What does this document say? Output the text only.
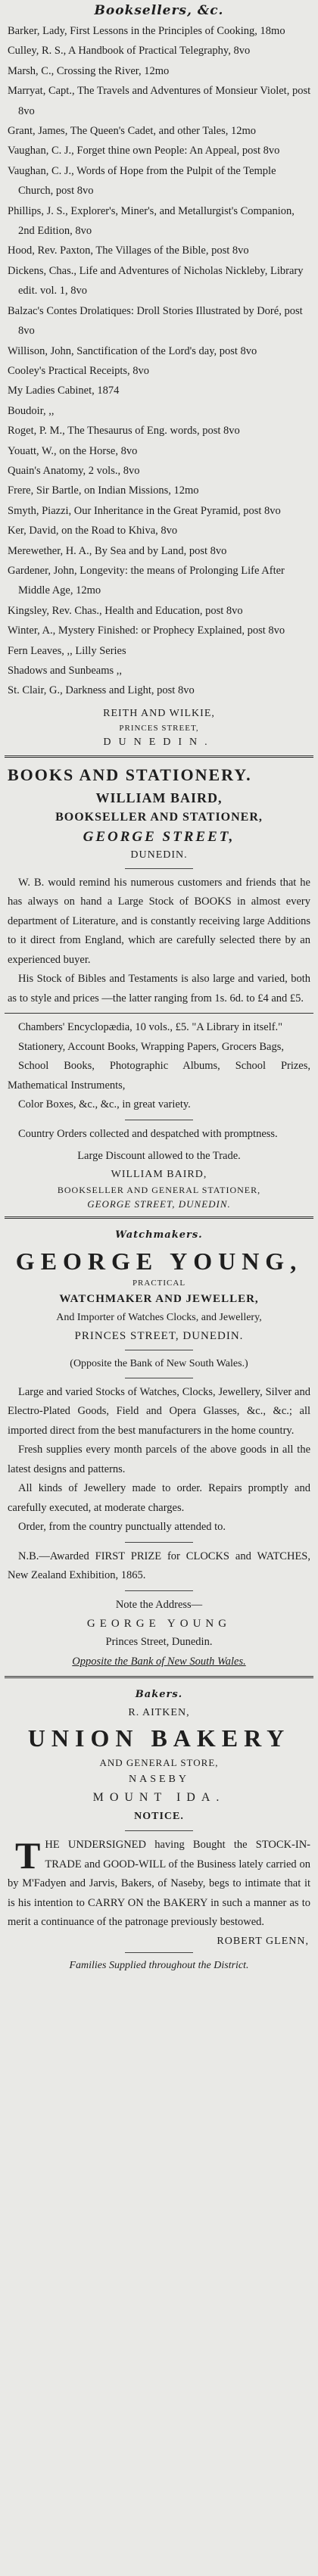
Booksellers, &c.
Barker, Lady, First Lessons in the Principles of Cooking, 18mo
Culley, R. S., A Handbook of Practical Telegraphy, 8vo
Marsh, C., Crossing the River, 12mo
Marryat, Capt., The Travels and Adventures of Monsieur Violet, post 8vo
Grant, James, The Queen's Cadet, and other Tales, 12mo
Vaughan, C. J., Forget thine own People: An Appeal, post 8vo
Vaughan, C. J., Words of Hope from the Pulpit of the Temple Church, post 8vo
Phillips, J. S., Explorer's, Miner's, and Metallurgist's Companion, 2nd Edition, 8vo
Hood, Rev. Paxton, The Villages of the Bible, post 8vo
Dickens, Chas., Life and Adventures of Nicholas Nickleby, Library edit. vol. 1, 8vo
Balzac's Contes Drolatiques: Droll Stories Illustrated by Doré, post 8vo
Willison, John, Sanctification of the Lord's day, post 8vo
Cooley's Practical Receipts, 8vo
My Ladies Cabinet, 1874
Boudoir, ,,
Roget, P. M., The Thesaurus of Eng. words, post 8vo
Youatt, W., on the Horse, 8vo
Quain's Anatomy, 2 vols., 8vo
Frere, Sir Bartle, on Indian Missions, 12mo
Smyth, Piazzi, Our Inheritance in the Great Pyramid, post 8vo
Ker, David, on the Road to Khiva, 8vo
Merewether, H. A., By Sea and by Land, post 8vo
Gardener, John, Longevity: the means of Prolonging Life After Middle Age, 12mo
Kingsley, Rev. Chas., Health and Education, post 8vo
Winter, A., Mystery Finished: or Prophecy Explained, post 8vo
Fern Leaves, ,, Lilly Series
Shadows and Sunbeams ,,
St. Clair, G., Darkness and Light, post 8vo
REITH AND WILKIE,
PRINCES STREET,
DUNEDIN.
BOOKS AND STATIONERY.
WILLIAM BAIRD,
BOOKSELLER AND STATIONER,
GEORGE STREET,
DUNEDIN.
W. B. would remind his numerous customers and friends that he has always on hand a Large Stock of BOOKS in almost every department of Literature, and is constantly receiving large Additions to it direct from England, which are carefully selected there by an experienced buyer.
His Stock of Bibles and Testaments is also large and varied, both as to style and prices —the latter ranging from 1s. 6d. to £4 and £5.
Chambers' Encyclopædia, 10 vols., £5. "A Library in itself."
Stationery, Account Books, Wrapping Papers, Grocers Bags,
School Books, Photographic Albums, School Prizes, Mathematical Instruments,
Color Boxes, &c., &c., in great variety.
Country Orders collected and despatched with promptness.
Large Discount allowed to the Trade.
WILLIAM BAIRD,
BOOKSELLER AND GENERAL STATIONER,
GEORGE STREET, DUNEDIN.
Watchmakers.
GEORGE YOUNG,
PRACTICAL
WATCHMAKER AND JEWELLER,
And Importer of Watches Clocks, and Jewellery,
PRINCES STREET, DUNEDIN.
(Opposite the Bank of New South Wales.)
Large and varied Stocks of Watches, Clocks, Jewellery, Silver and Electro-Plated Goods, Field and Opera Glasses, &c., &c.; all imported direct from the best manufacturers in the home country.
Fresh supplies every month parcels of the above goods in all the latest designs and patterns.
All kinds of Jewellery made to order. Repairs promptly and carefully executed, at moderate charges.
Order, from the country punctually attended to.
N.B.—Awarded FIRST PRIZE for CLOCKS and WATCHES, New Zealand Exhibition, 1865.
Note the Address—
GEORGE YOUNG
Princes Street, Dunedin.
Opposite the Bank of New South Wales.
Bakers.
R. AITKEN,
UNION BAKERY
AND GENERAL STORE,
NASEBY
MOUNT IDA.
NOTICE.
T HE UNDERSIGNED having Bought the STOCK-IN-TRADE and GOOD-WILL of the Business lately carried on by M'Fadyen and Jarvis, Bakers, of Naseby, begs to intimate that it is his intention to CARRY ON the BAKERY in such a manner as to merit a continuance of the patronage previously bestowed.
ROBERT GLENN,
Families Supplied throughout the District.
